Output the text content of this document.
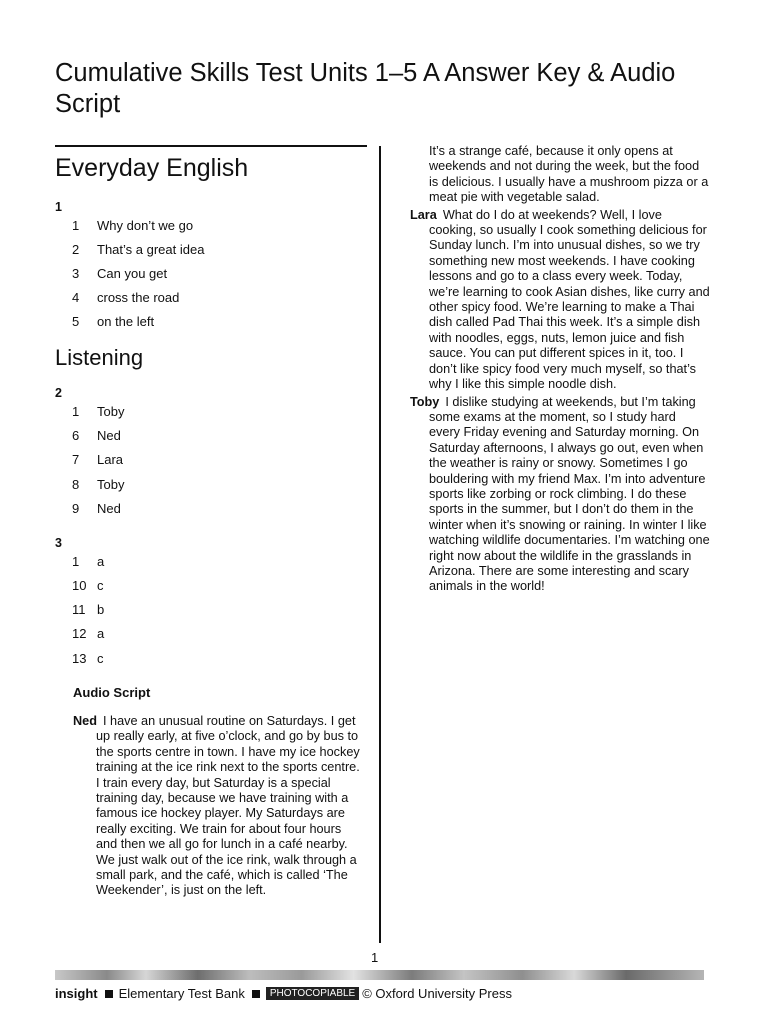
Cumulative Skills Test Units 1–5 A Answer Key & Audio Script
Everyday English
1
1 Why don’t we go
2 That’s a great idea
3 Can you get
4 cross the road
5 on the left
Listening
2
1 Toby
6 Ned
7 Lara
8 Toby
9 Ned
3
1 a
10 c
11 b
12 a
13 c
Audio Script

Ned I have an unusual routine on Saturdays. I get up really early, at five o’clock, and go by bus to the sports centre in town. I have my ice hockey training at the ice rink next to the sports centre. I train every day, but Saturday is a special training day, because we have training with a famous ice hockey player. My Saturdays are really exciting. We train for about four hours and then we all go for lunch in a café nearby. We just walk out of the ice rink, walk through a small park, and the café, which is called ‘The Weekender’, is just on the left.

It’s a strange café, because it only opens at weekends and not during the week, but the food is delicious. I usually have a mushroom pizza or a meat pie with vegetable salad.

Lara What do I do at weekends? Well, I love cooking, so usually I cook something delicious for Sunday lunch. I’m into unusual dishes, so we try something new most weekends. I have cooking lessons and go to a class every week. Today, we’re learning to cook Asian dishes, like curry and other spicy food. We’re learning to make a Thai dish called Pad Thai this week. It’s a simple dish with noodles, eggs, nuts, lemon juice and fish sauce. You can put different spices in it, too. I don’t like spicy food very much myself, so that’s why I like this simple noodle dish.

Toby I dislike studying at weekends, but I’m taking some exams at the moment, so I study hard every Friday evening and Saturday morning. On Saturday afternoons, I always go out, even when the weather is rainy or snowy. Sometimes I go bouldering with my friend Max. I’m into adventure sports like zorbing or rock climbing. I do these sports in the summer, but I don’t do them in the winter when it’s snowing or raining. In winter I like watching wildlife documentaries. I’m watching one right now about the wildlife in the grasslands in Arizona. There are some interesting and scary animals in the world!

1
insight Elementary Test Bank	PHOTOCOPIABLE © Oxford University Press
